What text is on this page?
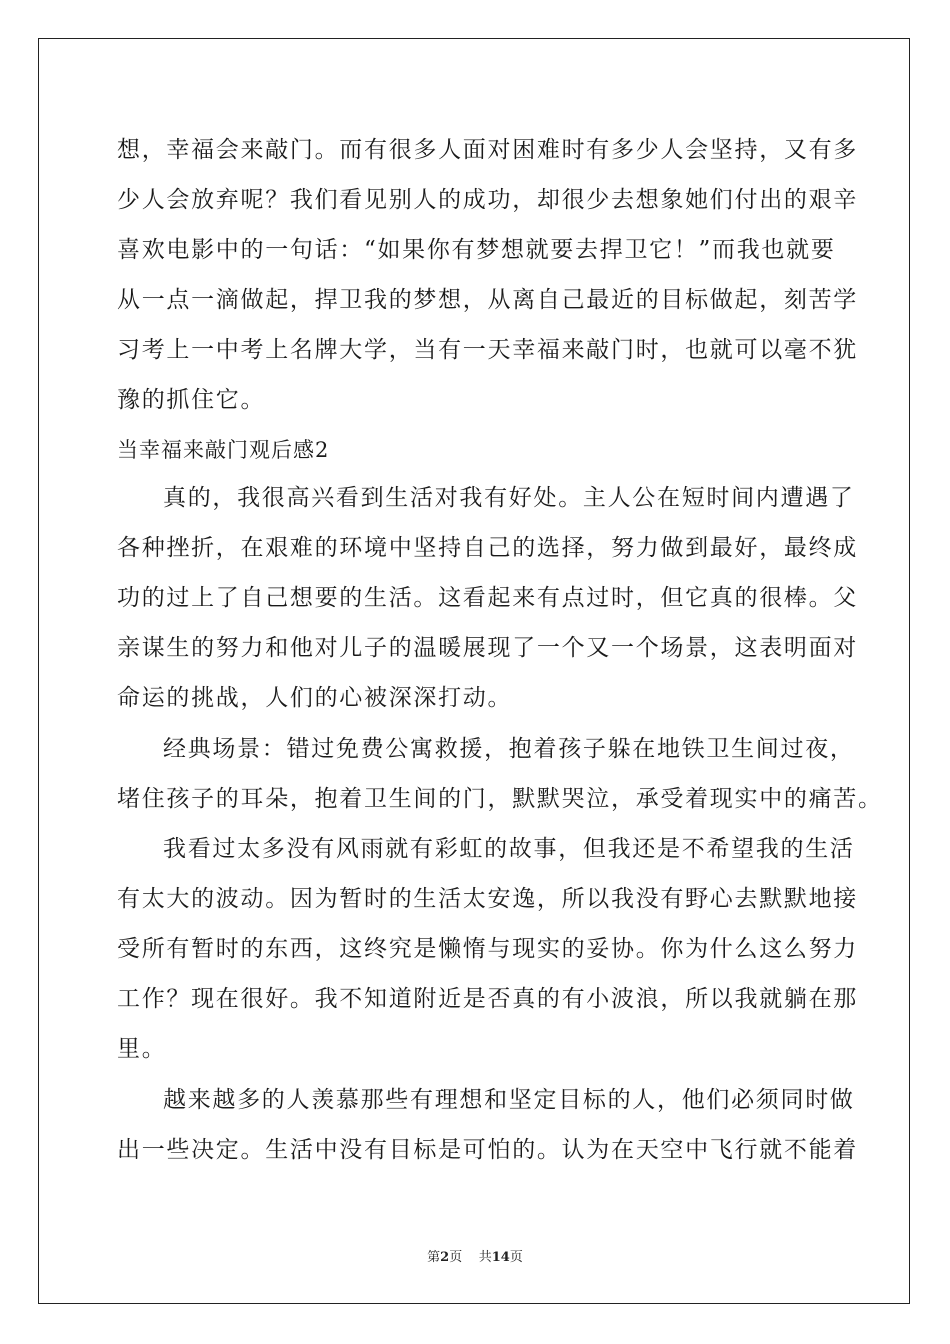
想，幸福会来敲门。而有很多人面对困难时有多少人会坚持，又有多
少人会放弃呢？我们看见别人的成功，却很少去想象她们付出的艰辛
喜欢电影中的一句话：“如果你有梦想就要去捍卫它！”而我也就要
从一点一滴做起，捍卫我的梦想，从离自己最近的目标做起，刻苦学
习考上一中考上名牌大学，当有一天幸福来敲门时，也就可以毫不犹
豫的抓住它。
当幸福来敲门观后感2
真的，我很高兴看到生活对我有好处。主人公在短时间内遭遇了
各种挫折，在艰难的环境中坚持自己的选择，努力做到最好，最终成
功的过上了自己想要的生活。这看起来有点过时，但它真的很棒。父
亲谋生的努力和他对儿子的温暖展现了一个又一个场景，这表明面对
命运的挑战，人们的心被深深打动。
经典场景：错过免费公寓救援，抱着孩子躲在地铁卫生间过夜，
堵住孩子的耳朵，抱着卫生间的门，默默哭泣，承受着现实中的痛苦。
我看过太多没有风雨就有彩虹的故事，但我还是不希望我的生活
有太大的波动。因为暂时的生活太安逸，所以我没有野心去默默地接
受所有暂时的东西，这终究是懒惰与现实的妥协。你为什么这么努力
工作？现在很好。我不知道附近是否真的有小波浪，所以我就躺在那
里。
越来越多的人羡慕那些有理想和坚定目标的人，他们必须同时做
出一些决定。生活中没有目标是可怕的。认为在天空中飞行就不能着
第2页 共14页
